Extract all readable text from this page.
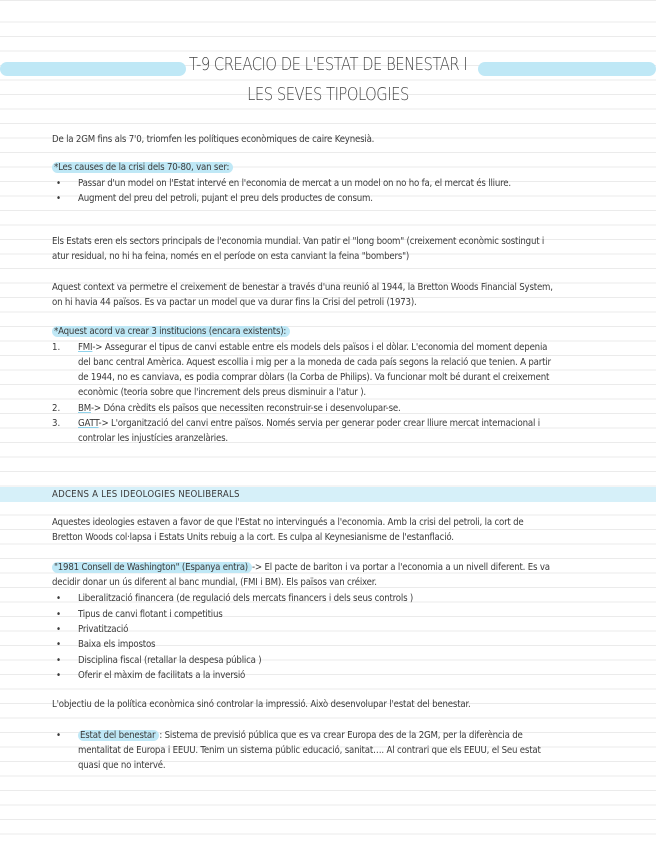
T-9 CREACIO DE L'ESTAT DE BENESTAR I
LES SEVES TIPOLOGIES
De la 2GM fins als 7'0, triomfen les polítiques econòmiques de caire Keynesià.
*Les causes de la crisi dels 70-80, van ser:
• Passar d'un model on l'Estat intervé en l'economia de mercat a un model on no ho fa, el mercat és lliure.
• Augment del preu del petroli, pujant el preu dels productes de consum.
Els Estats eren els sectors principals de l'economia mundial. Van patir el "long boom" (creixement econòmic sostingut i
atur residual, no hi ha feina, només en el període on esta canviant la feina "bombers")
Aquest context va permetre el creixement de benestar a través d'una reunió al 1944, la Bretton Woods Financial System,
on hi havia 44 països. Es va pactar un model que va durar fins la Crisi del petroli (1973).
*Aquest acord va crear 3 institucions (encara existents):
1. FMI-> Assegurar el tipus de canvi estable entre els models dels països i el dòlar. L'economia del moment depenia
del banc central Amèrica. Aquest escollia i mig per a la moneda de cada país segons la relació que tenien. A partir
de 1944, no es canviava, es podia comprar dòlars (la Corba de Philips). Va funcionar molt bé durant el creixement
econòmic (teoria sobre que l'increment dels preus disminuir a l'atur ).
2. BM-> Dóna crèdits els països que necessiten reconstruir-se i desenvolupar-se.
3. GATT-> L'organització del canvi entre països. Només servia per generar poder crear lliure mercat internacional i
controlar les injustícies aranzelàries.
ADCENS A LES IDEOLOGIES NEOLIBERALS
Aquestes ideologies estaven a favor de que l'Estat no intervingués a l'economia. Amb la crisi del petroli, la cort de
Bretton Woods col·lapsa i Estats Units rebuig a la cort. Es culpa al Keynesianisme de l'estanflació.
"1981 Consell de Washington" (Espanya entra) -> El pacte de bariton i va portar a l'economia a un nivell diferent. Es va
decidir donar un ús diferent al banc mundial, (FMI i BM). Els països van créixer.
• Liberalització financera (de regulació dels mercats financers i dels seus controls )
• Tipus de canvi flotant i competitius
• Privatització
• Baixa els impostos
• Disciplina fiscal (retallar la despesa pública )
• Oferir el màxim de facilitats a la inversió
L'objectiu de la política econòmica sinó controlar la impressió. Això desenvolupar l'estat del benestar.
• Estat del benestar : Sistema de previsió pública que es va crear Europa des de la 2GM, per la diferència de
mentalitat de Europa i EEUU. Tenim un sistema públic educació, sanitat…. Al contrari que els EEUU, el Seu estat
quasi que no intervé.
